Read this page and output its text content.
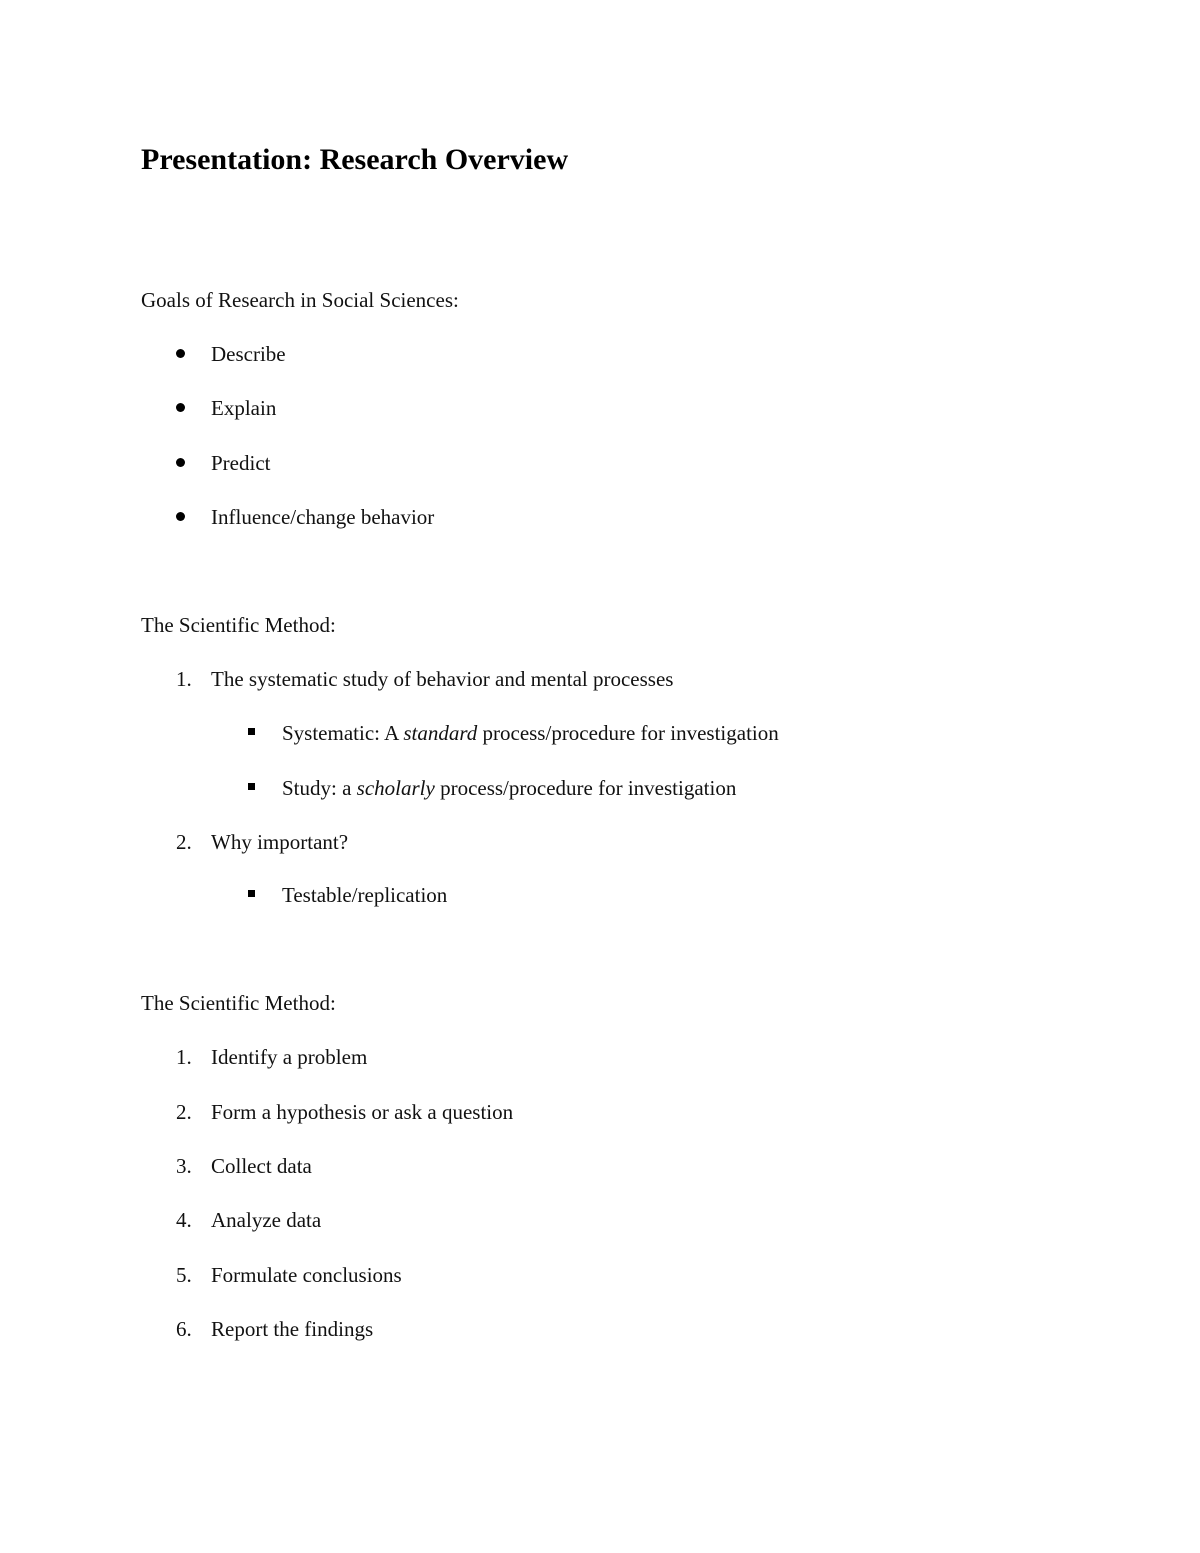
Presentation: Research Overview
Goals of Research in Social Sciences:
Describe
Explain
Predict
Influence/change behavior
The Scientific Method:
1. The systematic study of behavior and mental processes
Systematic: A standard process/procedure for investigation
Study: a scholarly process/procedure for investigation
2. Why important?
Testable/replication
The Scientific Method:
1. Identify a problem
2. Form a hypothesis or ask a question
3. Collect data
4. Analyze data
5. Formulate conclusions
6. Report the findings
